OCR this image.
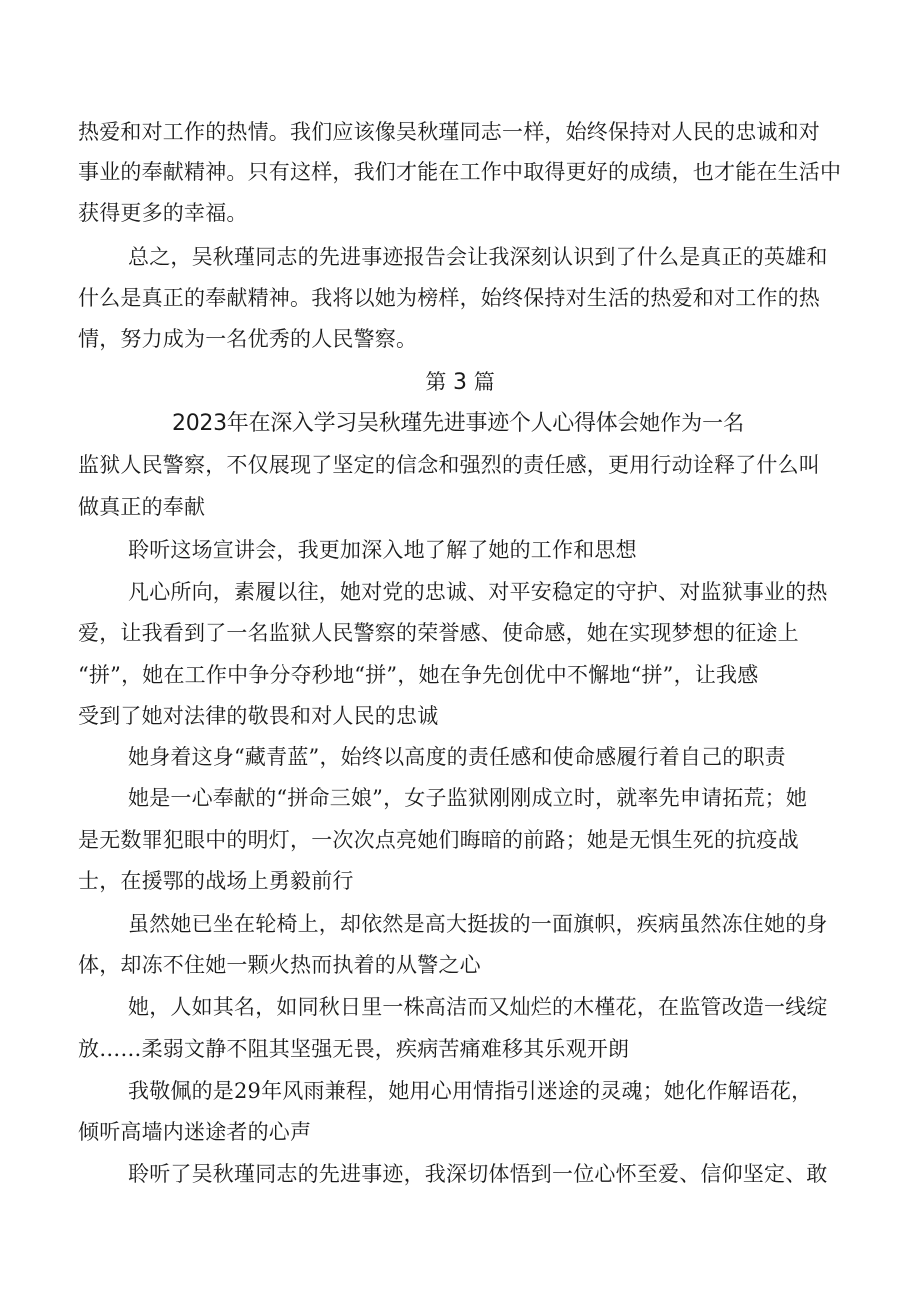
热爱和对工作的热情。我们应该像吴秋瑾同志一样，始终保持对人民的忠诚和对
事业的奉献精神。只有这样，我们才能在工作中取得更好的成绩，也才能在生活中
获得更多的幸福。
总之，吴秋瑾同志的先进事迹报告会让我深刻认识到了什么是真正的英雄和
什么是真正的奉献精神。我将以她为榜样，始终保持对生活的热爱和对工作的热
情，努力成为一名优秀的人民警察。
第 3 篇
2023年在深入学习吴秋瑾先进事迹个人心得体会她作为一名
监狱人民警察，不仅展现了坚定的信念和强烈的责任感，更用行动诠释了什么叫
做真正的奉献
聆听这场宣讲会，我更加深入地了解了她的工作和思想
凡心所向，素履以往，她对党的忠诚、对平安稳定的守护、对监狱事业的热
爱，让我看到了一名监狱人民警察的荣誉感、使命感，她在实现梦想的征途上
“拼”，她在工作中争分夺秒地“拼”，她在争先创优中不懈地“拼”，让我感
受到了她对法律的敬畏和对人民的忠诚
她身着这身“藏青蓝”，始终以高度的责任感和使命感履行着自己的职责
她是一心奉献的“拼命三娘”，女子监狱刚刚成立时，就率先申请拓荒；她
是无数罪犯眼中的明灯，一次次点亮她们晦暗的前路；她是无惧生死的抗疫战
士，在援鄂的战场上勇毅前行
虽然她已坐在轮椅上，却依然是高大挺拔的一面旗帜，疾病虽然冻住她的身
体，却冻不住她一颗火热而执着的从警之心
她，人如其名，如同秋日里一株高洁而又灿烂的木槿花，在监管改造一线绽
放……柔弱文静不阻其坚强无畏，疾病苦痛难移其乐观开朗
我敬佩的是29年风雨兼程，她用心用情指引迷途的灵魂；她化作解语花，
倾听高墙内迷途者的心声
聆听了吴秋瑾同志的先进事迹，我深切体悟到一位心怀至爱、信仰坚定、敢
